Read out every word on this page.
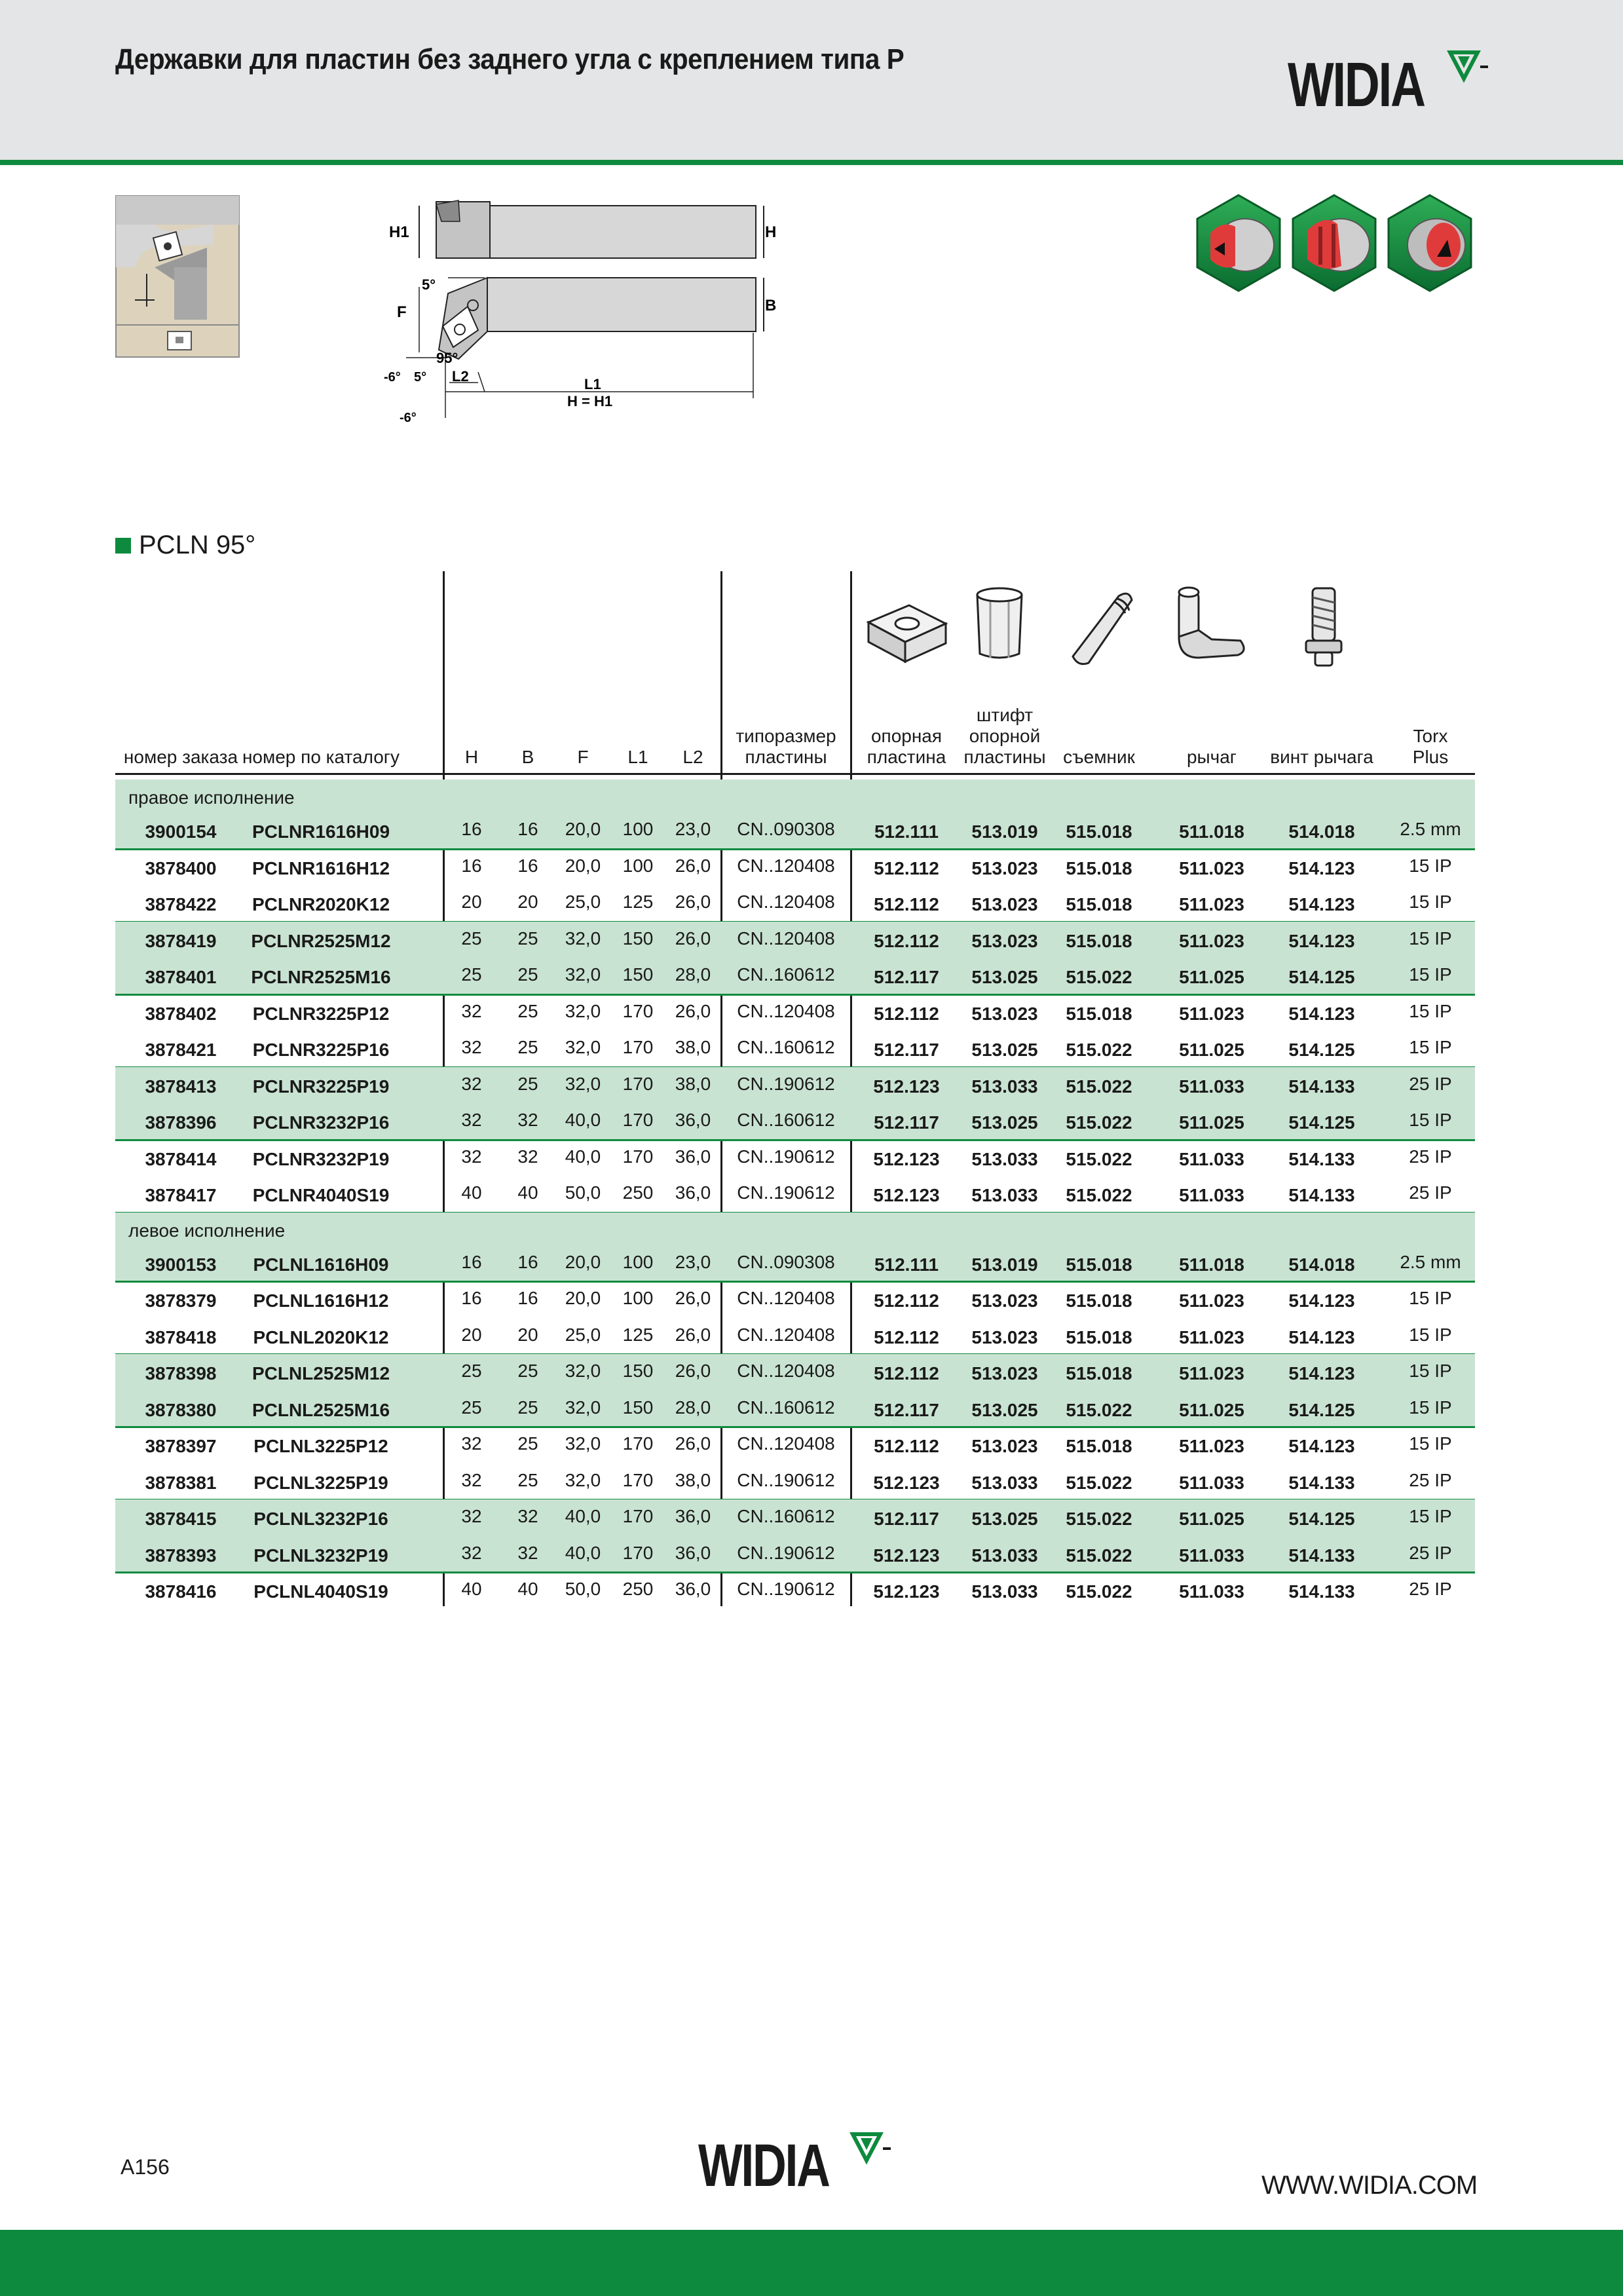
Державки для пластин без заднего угла с креплением типа P	WIDIA
H1	H
B
F
5°
95°
-6° 5° L2	L1
H = H1
-6°
PCLN 95°
номер заказа номер по каталогу	H	B	F	L1	L2
типоразмер
пластины
опорная
пластина
штифт
опорной
пластины съемник	рычаг	винт рычага
Torx
Plus
правое исполнение
3900154	PCLNR1616H09	16	16	20,0	100	23,0	CN..090308	512.111	513.019	515.018	511.018	514.018	2.5 mm
3878400	PCLNR1616H12	16	16	20,0	100	26,0	CN..120408	512.112	513.023	515.018	511.023	514.123	15 IP
3878422	PCLNR2020K12	20	20	25,0	125	26,0	CN..120408	512.112	513.023	515.018	511.023	514.123	15 IP
3878419	PCLNR2525M12	25	25	32,0	150	26,0	CN..120408	512.112	513.023	515.018	511.023	514.123	15 IP
3878401	PCLNR2525M16	25	25	32,0	150	28,0	CN..160612	512.117	513.025	515.022	511.025	514.125	15 IP
3878402	PCLNR3225P12	32	25	32,0	170	26,0	CN..120408	512.112	513.023	515.018	511.023	514.123	15 IP
3878421	PCLNR3225P16	32	25	32,0	170	38,0	CN..160612	512.117	513.025	515.022	511.025	514.125	15 IP
3878413	PCLNR3225P19	32	25	32,0	170	38,0	CN..190612	512.123	513.033	515.022	511.033	514.133	25 IP
3878396	PCLNR3232P16	32	32	40,0	170	36,0	CN..160612	512.117	513.025	515.022	511.025	514.125	15 IP
3878414	PCLNR3232P19	32	32	40,0	170	36,0	CN..190612	512.123	513.033	515.022	511.033	514.133	25 IP
3878417	PCLNR4040S19	40	40	50,0	250	36,0	CN..190612	512.123	513.033	515.022	511.033	514.133	25 IP
левое исполнение
3900153	PCLNL1616H09	16	16	20,0	100	23,0	CN..090308	512.111	513.019	515.018	511.018	514.018	2.5 mm
3878379	PCLNL1616H12	16	16	20,0	100	26,0	CN..120408	512.112	513.023	515.018	511.023	514.123	15 IP
3878418	PCLNL2020K12	20	20	25,0	125	26,0	CN..120408	512.112	513.023	515.018	511.023	514.123	15 IP
3878398	PCLNL2525M12	25	25	32,0	150	26,0	CN..120408	512.112	513.023	515.018	511.023	514.123	15 IP
3878380	PCLNL2525M16	25	25	32,0	150	28,0	CN..160612	512.117	513.025	515.022	511.025	514.125	15 IP
3878397	PCLNL3225P12	32	25	32,0	170	26,0	CN..120408	512.112	513.023	515.018	511.023	514.123	15 IP
3878381	PCLNL3225P19	32	25	32,0	170	38,0	CN..190612	512.123	513.033	515.022	511.033	514.133	25 IP
3878415	PCLNL3232P16	32	32	40,0	170	36,0	CN..160612	512.117	513.025	515.022	511.025	514.125	15 IP
3878393	PCLNL3232P19	32	32	40,0	170	36,0	CN..190612	512.123	513.033	515.022	511.033	514.133	25 IP
3878416	PCLNL4040S19	40	40	50,0	250	36,0	CN..190612	512.123	513.033	515.022	511.033	514.133	25 IP
A156	WIDIA	WWW.WIDIA.COM
